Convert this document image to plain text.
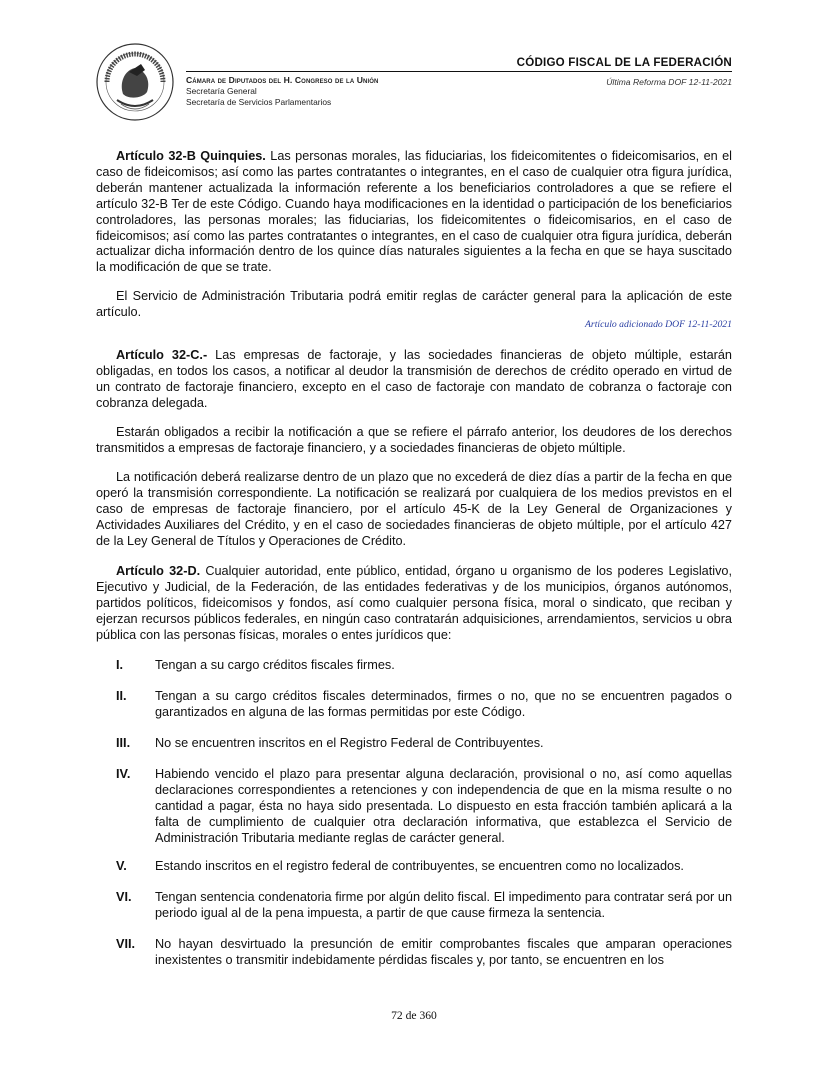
CÓDIGO FISCAL DE LA FEDERACIÓN
Última Reforma DOF 12-11-2021
Cámara de Diputados del H. Congreso de la Unión
Secretaría General
Secretaría de Servicios Parlamentarios
Artículo 32-B Quinquies. Las personas morales, las fiduciarias, los fideicomitentes o fideicomisarios, en el caso de fideicomisos; así como las partes contratantes o integrantes, en el caso de cualquier otra figura jurídica, deberán mantener actualizada la información referente a los beneficiarios controladores a que se refiere el artículo 32-B Ter de este Código. Cuando haya modificaciones en la identidad o participación de los beneficiarios controladores, las personas morales; las fiduciarias, los fideicomitentes o fideicomisarios, en el caso de fideicomisos; así como las partes contratantes o integrantes, en el caso de cualquier otra figura jurídica, deberán actualizar dicha información dentro de los quince días naturales siguientes a la fecha en que se haya suscitado la modificación de que se trate.
El Servicio de Administración Tributaria podrá emitir reglas de carácter general para la aplicación de este artículo.
Artículo adicionado DOF 12-11-2021
Artículo 32-C.- Las empresas de factoraje, y las sociedades financieras de objeto múltiple, estarán obligadas, en todos los casos, a notificar al deudor la transmisión de derechos de crédito operado en virtud de un contrato de factoraje financiero, excepto en el caso de factoraje con mandato de cobranza o factoraje con cobranza delegada.
Estarán obligados a recibir la notificación a que se refiere el párrafo anterior, los deudores de los derechos transmitidos a empresas de factoraje financiero, y a sociedades financieras de objeto múltiple.
La notificación deberá realizarse dentro de un plazo que no excederá de diez días a partir de la fecha en que operó la transmisión correspondiente. La notificación se realizará por cualquiera de los medios previstos en el caso de empresas de factoraje financiero, por el artículo 45-K de la Ley General de Organizaciones y Actividades Auxiliares del Crédito, y en el caso de sociedades financieras de objeto múltiple, por el artículo 427 de la Ley General de Títulos y Operaciones de Crédito.
Artículo 32-D. Cualquier autoridad, ente público, entidad, órgano u organismo de los poderes Legislativo, Ejecutivo y Judicial, de la Federación, de las entidades federativas y de los municipios, órganos autónomos, partidos políticos, fideicomisos y fondos, así como cualquier persona física, moral o sindicato, que reciban y ejerzan recursos públicos federales, en ningún caso contratarán adquisiciones, arrendamientos, servicios u obra pública con las personas físicas, morales o entes jurídicos que:
I.	Tengan a su cargo créditos fiscales firmes.
II. Tengan a su cargo créditos fiscales determinados, firmes o no, que no se encuentren pagados o garantizados en alguna de las formas permitidas por este Código.
III. No se encuentren inscritos en el Registro Federal de Contribuyentes.
IV. Habiendo vencido el plazo para presentar alguna declaración, provisional o no, así como aquellas declaraciones correspondientes a retenciones y con independencia de que en la misma resulte o no cantidad a pagar, ésta no haya sido presentada. Lo dispuesto en esta fracción también aplicará a la falta de cumplimiento de cualquier otra declaración informativa, que establezca el Servicio de Administración Tributaria mediante reglas de carácter general.
V. Estando inscritos en el registro federal de contribuyentes, se encuentren como no localizados.
VI. Tengan sentencia condenatoria firme por algún delito fiscal. El impedimento para contratar será por un periodo igual al de la pena impuesta, a partir de que cause firmeza la sentencia.
VII. No hayan desvirtuado la presunción de emitir comprobantes fiscales que amparan operaciones inexistentes o transmitir indebidamente pérdidas fiscales y, por tanto, se encuentren en los
72 de 360
